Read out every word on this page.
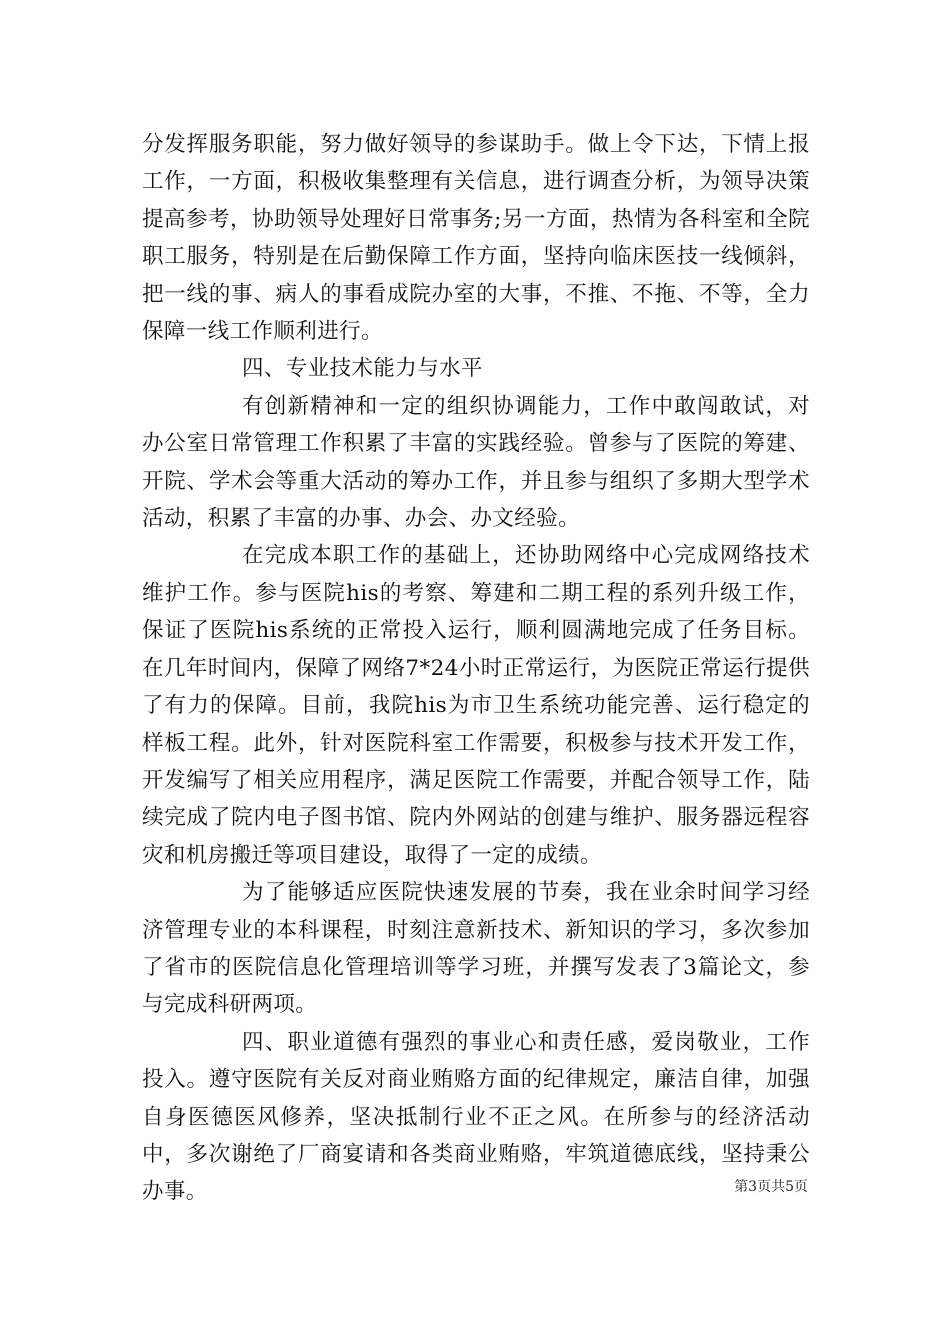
分发挥服务职能，努力做好领导的参谋助手。做上令下达，下情上报工作，一方面，积极收集整理有关信息，进行调查分析，为领导决策提高参考，协助领导处理好日常事务;另一方面，热情为各科室和全院职工服务，特别是在后勤保障工作方面，坚持向临床医技一线倾斜，把一线的事、病人的事看成院办室的大事，不推、不拖、不等，全力保障一线工作顺利进行。

四、专业技术能力与水平

有创新精神和一定的组织协调能力，工作中敢闯敢试，对办公室日常管理工作积累了丰富的实践经验。曾参与了医院的筹建、开院、学术会等重大活动的筹办工作，并且参与组织了多期大型学术活动，积累了丰富的办事、办会、办文经验。

在完成本职工作的基础上，还协助网络中心完成网络技术维护工作。参与医院his的考察、筹建和二期工程的系列升级工作，保证了医院his系统的正常投入运行，顺利圆满地完成了任务目标。在几年时间内，保障了网络7*24小时正常运行，为医院正常运行提供了有力的保障。目前，我院his为市卫生系统功能完善、运行稳定的样板工程。此外，针对医院科室工作需要，积极参与技术开发工作，开发编写了相关应用程序，满足医院工作需要，并配合领导工作，陆续完成了院内电子图书馆、院内外网站的创建与维护、服务器远程容灾和机房搬迁等项目建设，取得了一定的成绩。

为了能够适应医院快速发展的节奏，我在业余时间学习经济管理专业的本科课程，时刻注意新技术、新知识的学习，多次参加了省市的医院信息化管理培训等学习班，并撰写发表了3篇论文，参与完成科研两项。

四、职业道德有强烈的事业心和责任感，爱岗敬业，工作投入。遵守医院有关反对商业贿赂方面的纪律规定，廉洁自律，加强自身医德医风修养，坚决抵制行业不正之风。在所参与的经济活动中，多次谢绝了厂商宴请和各类商业贿赂，牢筑道德底线，坚持秉公办事。	第3页共5页
